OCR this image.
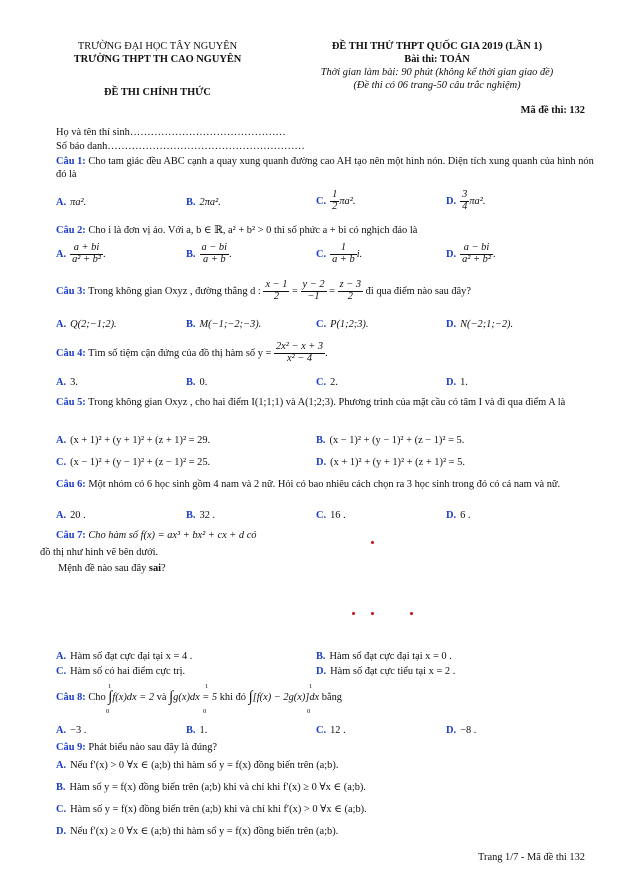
TRƯỜNG ĐẠI HỌC TÂY NGUYÊN
TRƯỜNG THPT TH CAO NGUYÊN
ĐỀ THI CHÍNH THỨC
ĐỀ THI THỬ THPT QUỐC GIA 2019 (LẦN 1)
Bài thi: TOÁN
Thời gian làm bài: 90 phút (không kể thời gian giao đề)
(Đề thi có 06 trang-50 câu trắc nghiệm)
Mã đề thi: 132
Họ và tên thí sinh………………………………………
Số báo danh…………………………………………………
Câu 1: Cho tam giác đều ABC cạnh a quay xung quanh đường cao AH tạo nên một hình nón. Diện tích xung quanh của hình nón đó là
A. πa².	B. 2πa².	C. $\frac{1}{2} \pi a^2$.	D. $\frac{3}{4} \pi a^2$.
Câu 2: Cho i là đơn vị ảo. Với a, b ∈ ℝ, a² + b² > 0 thì số phức a + bi có nghịch đảo là
A. $\frac{a + bi}{\text{a² + b²}}$ .	B. $\frac{a - bi}{a + b}$ .	C. $\frac{1}{a + b} i$.	D. $\frac{a - bi}{\text{a² + b²}}$ .
Câu 3: Trong không gian Oxyz , đường thẳng d : $\frac{x - 1}{2} = \frac{y - 2}{-1} = \frac{z - 3}{2}$ đi qua điểm nào sau đây?
A. Q(2;−1;2).	B. M(−1;−2;−3).	C. P(1;2;3).	D. N(−2;1;−2).
Câu 4: Tìm số tiệm cận đứng của đồ thị hàm số $y = \frac{\text{2x² − x + 3}}{\text{x² − 4}}$ .
A. 3.	B. 0.	C. 2.	D. 1.
Câu 5: Trong không gian Oxyz , cho hai điểm I(1;1;1) và A(1;2;3). Phương trình của mặt cầu có tâm I và đi qua điểm A là
A. (x + 1)² + (y + 1)² + (z + 1)² = 29.	B. (x − 1)² + (y − 1)² + (z − 1)² = 5.
C. (x − 1)² + (y − 1)² + (z − 1)² = 25.	D. (x + 1)² + (y + 1)² + (z + 1)² = 5.
Câu 6: Một nhóm có 6 học sinh gồm 4 nam và 2 nữ. Hỏi có bao nhiêu cách chọn ra 3 học sinh trong đó có cả nam và nữ.
A. 20 .	B. 32 .	C. 16 .	D. 6 .
Câu 7: Cho hàm số f(x) = ax³ + bx² + cx + d có
đồ thị như hình vẽ bên dưới.
Mệnh đề nào sau đây sai?
A. Hàm số đạt cực đại tại x = 4 .	B. Hàm số đạt cực đại tại x = 0 .
C. Hàm số có hai điểm cực trị.	D. Hàm số đạt cực tiểu tại x = 2 .
Câu 8: Cho ∫f(x)dx = 2 và ∫g(x)dx = 5 khi đó ∫[f(x) − 2g(x)]dx bằng
1
0
1
0
1
0
A. −3 .	B. 1.	C. 12 .	D. −8 .
Câu 9: Phát biểu nào sau đây là đúng?
A. Nếu f′(x) > 0 ∀x ∈ (a;b) thì hàm số y = f(x) đồng biến trên (a;b).
B. Hàm số y = f(x) đồng biến trên (a;b) khi và chỉ khi f′(x) ≥ 0 ∀x ∈ (a;b).
C. Hàm số y = f(x) đồng biến trên (a;b) khi và chỉ khi f′(x) > 0 ∀x ∈ (a;b).
D. Nếu f′(x) ≥ 0 ∀x ∈ (a;b) thì hàm số y = f(x) đồng biến trên (a;b).
Trang 1/7 - Mã đề thi 132
